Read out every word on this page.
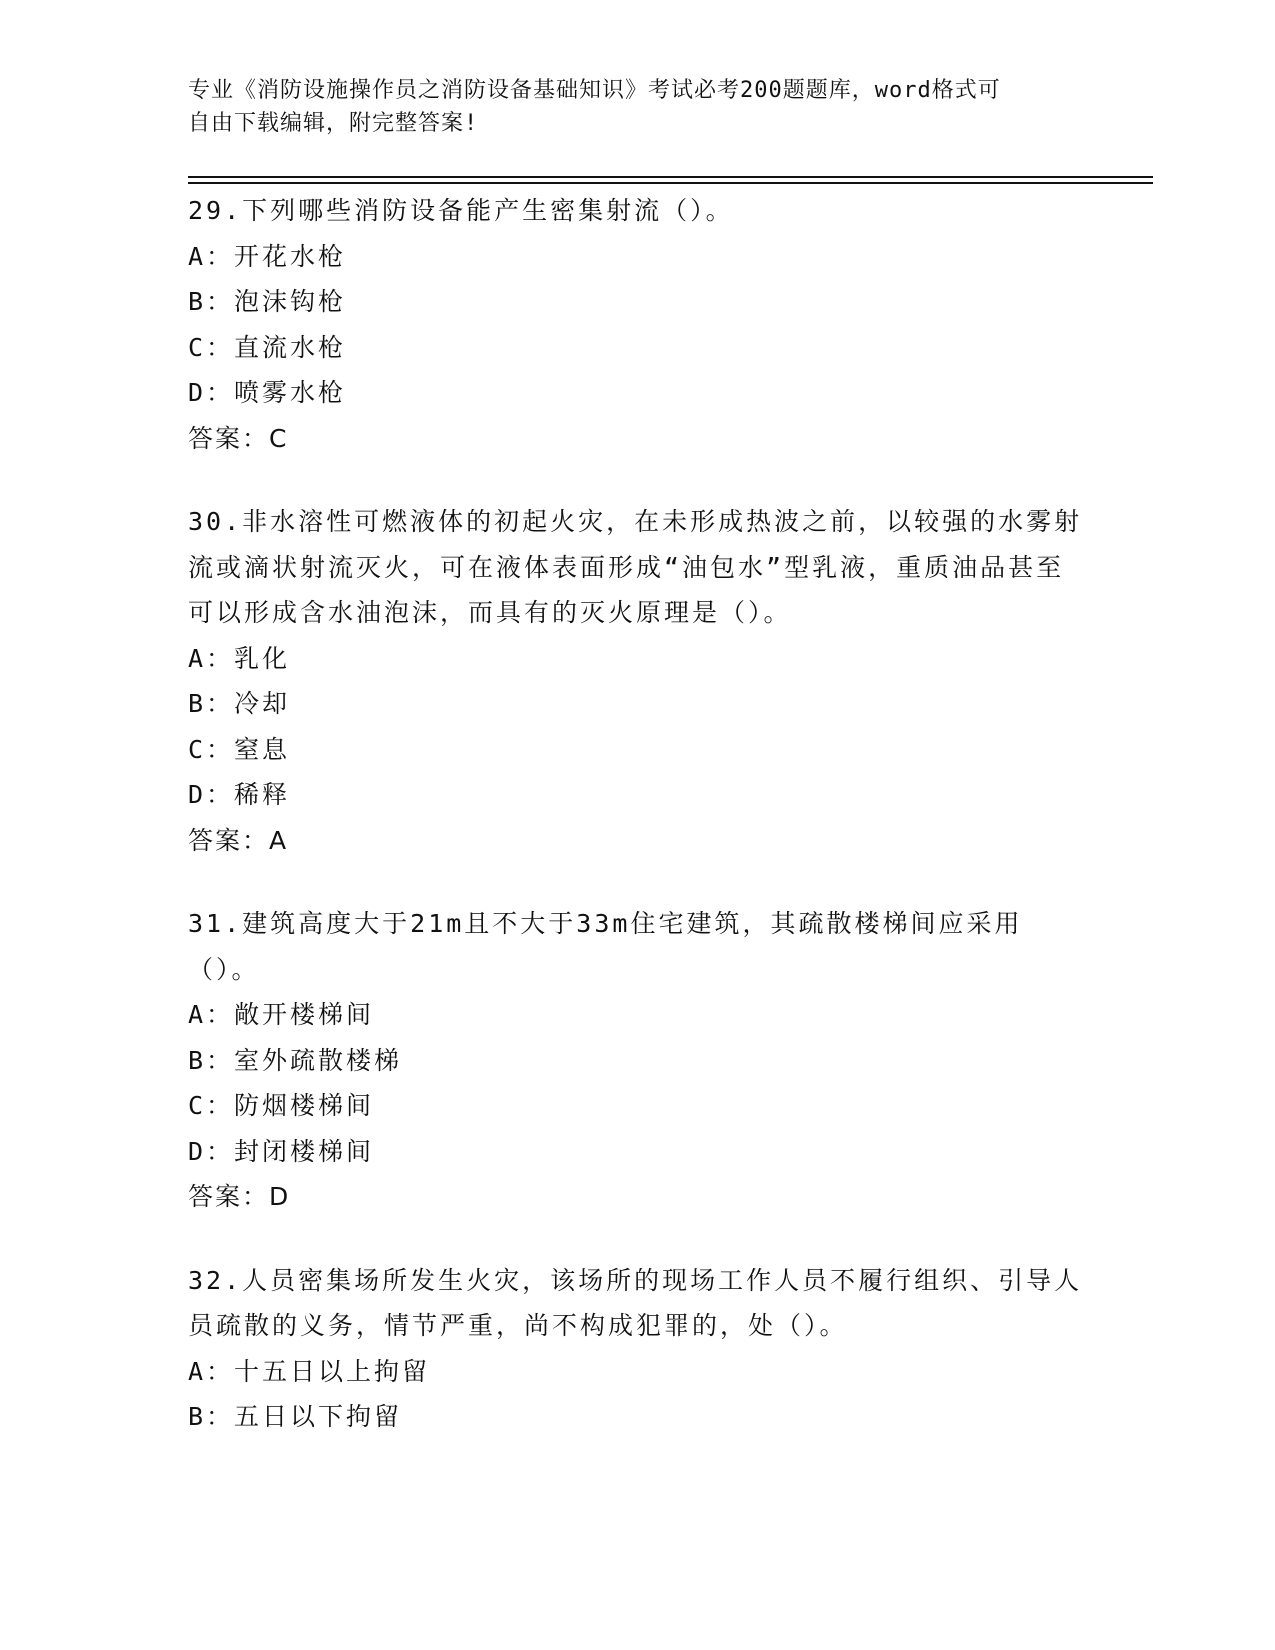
专业《消防设施操作员之消防设备基础知识》考试必考200题题库，word格式可
自由下载编辑，附完整答案!
29.下列哪些消防设备能产生密集射流（）。
A：开花水枪
B：泡沫钩枪
C：直流水枪
D：喷雾水枪
答案：C
30.非水溶性可燃液体的初起火灾，在未形成热波之前，以较强的水雾射流或滴状射流灭火，可在液体表面形成“油包水”型乳液，重质油品甚至可以形成含水油泡沫，而具有的灭火原理是（）。
A：乳化
B：冷却
C：窒息
D：稀释
答案：A
31.建筑高度大于21m且不大于33m住宅建筑，其疏散楼梯间应采用（）。
A：敞开楼梯间
B：室外疏散楼梯
C：防烟楼梯间
D：封闭楼梯间
答案：D
32.人员密集场所发生火灾，该场所的现场工作人员不履行组织、引导人员疏散的义务，情节严重，尚不构成犯罪的，处（）。
A：十五日以上拘留
B：五日以下拘留
